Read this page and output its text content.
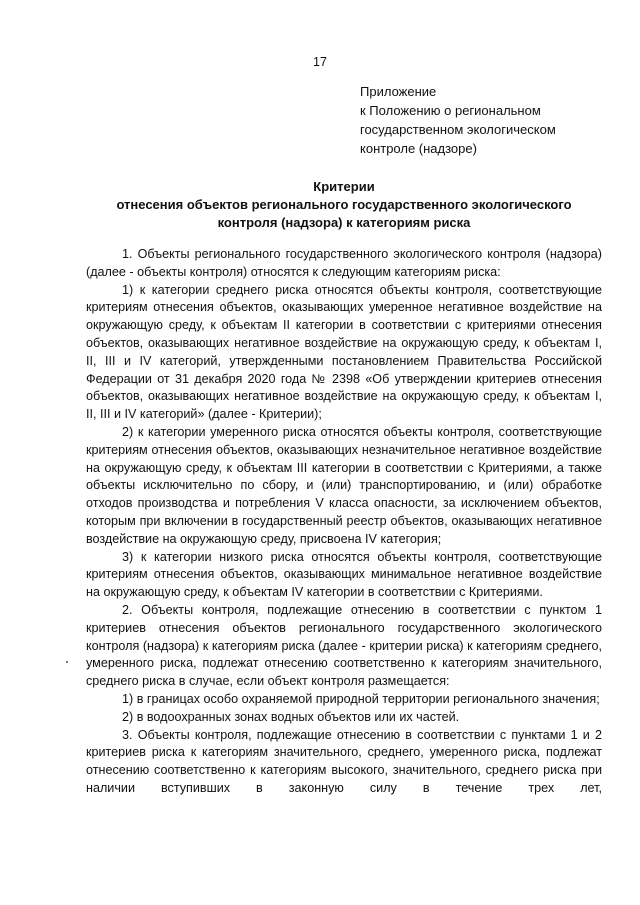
17
Приложение
к Положению о региональном
государственном экологическом
контроле (надзоре)
Критерии
отнесения объектов регионального государственного экологического
контроля (надзора) к категориям риска

1. Объекты регионального государственного экологического контроля (надзора) (далее - объекты контроля) относятся к следующим категориям риска:

1) к категории среднего риска относятся объекты контроля, соответствующие критериям отнесения объектов, оказывающих умеренное негативное воздействие на окружающую среду, к объектам II категории в соответствии с критериями отнесения объектов, оказывающих негативное воздействие на окружающую среду, к объектам I, II, III и IV категорий, утвержденными постановлением Правительства Российской Федерации от 31 декабря 2020 года № 2398 «Об утверждении критериев отнесения объектов, оказывающих негативное воздействие на окружающую среду, к объектам I, II, III и IV категорий» (далее - Критерии);

2) к категории умеренного риска относятся объекты контроля, соответствующие критериям отнесения объектов, оказывающих незначительное негативное воздействие на окружающую среду, к объектам III категории в соответствии с Критериями, а также объекты исключительно по сбору, и (или) транспортированию, и (или) обработке отходов производства и потребления V класса опасности, за исключением объектов, которым при включении в государственный реестр объектов, оказывающих негативное воздействие на окружающую среду, присвоена IV категория;

3) к категории низкого риска относятся объекты контроля, соответствующие критериям отнесения объектов, оказывающих минимальное негативное воздействие на окружающую среду, к объектам IV категории в соответствии с Критериями.

2. Объекты контроля, подлежащие отнесению в соответствии с пунктом 1 критериев отнесения объектов регионального государственного экологического контроля (надзора) к категориям риска (далее - критерии риска) к категориям среднего, умеренного риска, подлежат отнесению соответственно к категориям значительного, среднего риска в случае, если объект контроля размещается:

1) в границах особо охраняемой природной территории регионального значения;

2) в водоохранных зонах водных объектов или их частей.

3. Объекты контроля, подлежащие отнесению в соответствии с пунктами 1 и 2 критериев риска к категориям значительного, среднего, умеренного риска, подлежат отнесению соответственно к категориям высокого, значительного, среднего риска при наличии вступивших в законную силу в течение трех лет,
